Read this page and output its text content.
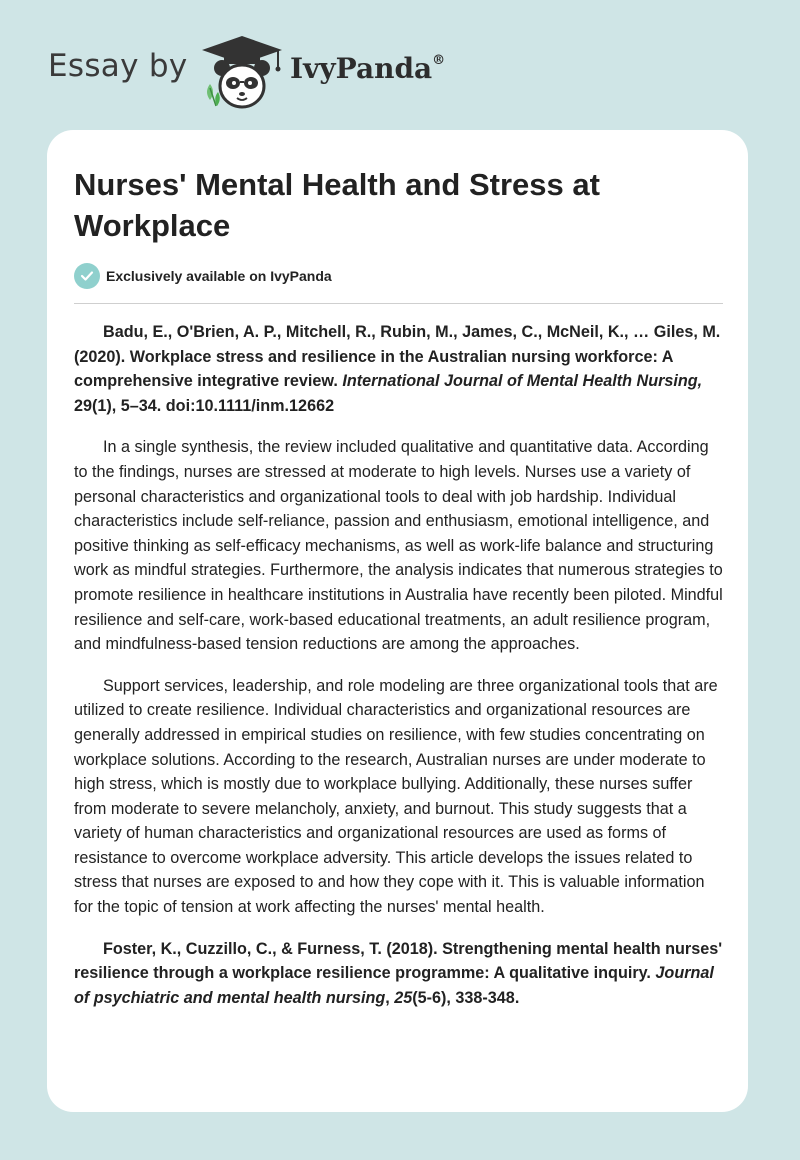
Essay by	IvyPanda®
Nurses' Mental Health and Stress at Workplace
Exclusively available on IvyPanda

Badu, E., O'Brien, A. P., Mitchell, R., Rubin, M., James, C., McNeil, K., … Giles, M. (2020). Workplace stress and resilience in the Australian nursing workforce: A comprehensive integrative review. International Journal of Mental Health Nursing, 29(1), 5–34. doi:10.1111/inm.12662

In a single synthesis, the review included qualitative and quantitative data. According to the findings, nurses are stressed at moderate to high levels. Nurses use a variety of personal characteristics and organizational tools to deal with job hardship. Individual characteristics include self-reliance, passion and enthusiasm, emotional intelligence, and positive thinking as self-efficacy mechanisms, as well as work-life balance and structuring work as mindful strategies. Furthermore, the analysis indicates that numerous strategies to promote resilience in healthcare institutions in Australia have recently been piloted. Mindful resilience and self-care, work-based educational treatments, an adult resilience program, and mindfulness-based tension reductions are among the approaches.

Support services, leadership, and role modeling are three organizational tools that are utilized to create resilience. Individual characteristics and organizational resources are generally addressed in empirical studies on resilience, with few studies concentrating on workplace solutions. According to the research, Australian nurses are under moderate to high stress, which is mostly due to workplace bullying. Additionally, these nurses suffer from moderate to severe melancholy, anxiety, and burnout. This study suggests that a variety of human characteristics and organizational resources are used as forms of resistance to overcome workplace adversity. This article develops the issues related to stress that nurses are exposed to and how they cope with it. This is valuable information for the topic of tension at work affecting the nurses' mental health.

Foster, K., Cuzzillo, C., & Furness, T. (2018). Strengthening mental health nurses' resilience through a workplace resilience programme: A qualitative inquiry. Journal of psychiatric and mental health nursing, 25(5-6), 338-348.
